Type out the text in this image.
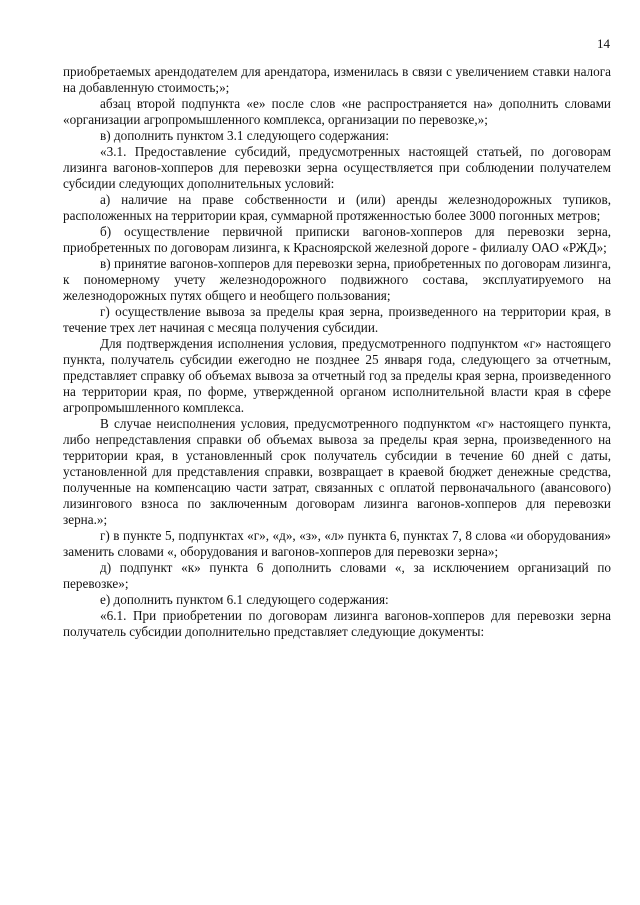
14

приобретаемых арендодателем для арендатора, изменилась в связи с увеличением ставки налога на добавленную стоимость;»;

абзац второй подпункта «е» после слов «не распространяется на» дополнить словами «организации агропромышленного комплекса, организации по перевозке,»;

в) дополнить пунктом 3.1 следующего содержания:

«3.1. Предоставление субсидий, предусмотренных настоящей статьей, по договорам лизинга вагонов-хопперов для перевозки зерна осуществляется при соблюдении получателем субсидии следующих дополнительных условий:

а) наличие на праве собственности и (или) аренды железнодорожных тупиков, расположенных на территории края, суммарной протяженностью более 3000 погонных метров;

б) осуществление первичной приписки вагонов-хопперов для перевозки зерна, приобретенных по договорам лизинга, к Красноярской железной дороге - филиалу ОАО «РЖД»;

в) принятие вагонов-хопперов для перевозки зерна, приобретенных по договорам лизинга, к пономерному учету железнодорожного подвижного состава, эксплуатируемого на железнодорожных путях общего и необщего пользования;

г) осуществление вывоза за пределы края зерна, произведенного на территории края, в течение трех лет начиная с месяца получения субсидии.

Для подтверждения исполнения условия, предусмотренного подпунктом «г» настоящего пункта, получатель субсидии ежегодно не позднее 25 января года, следующего за отчетным, представляет справку об объемах вывоза за отчетный год за пределы края зерна, произведенного на территории края, по форме, утвержденной органом исполнительной власти края в сфере агропромышленного комплекса.

В случае неисполнения условия, предусмотренного подпунктом «г» настоящего пункта, либо непредставления справки об объемах вывоза за пределы края зерна, произведенного на территории края, в установленный срок получатель субсидии в течение 60 дней с даты, установленной для представления справки, возвращает в краевой бюджет денежные средства, полученные на компенсацию части затрат, связанных с оплатой первоначального (авансового) лизингового взноса по заключенным договорам лизинга вагонов-хопперов для перевозки зерна.»;

г) в пункте 5, подпунктах «г», «д», «з», «л» пункта 6, пунктах 7, 8 слова «и оборудования» заменить словами «, оборудования и вагонов-хопперов для перевозки зерна»;

д) подпункт «к» пункта 6 дополнить словами «, за исключением организаций по перевозке»;

е) дополнить пунктом 6.1 следующего содержания:

«6.1. При приобретении по договорам лизинга вагонов-хопперов для перевозки зерна получатель субсидии дополнительно представляет следующие документы:
